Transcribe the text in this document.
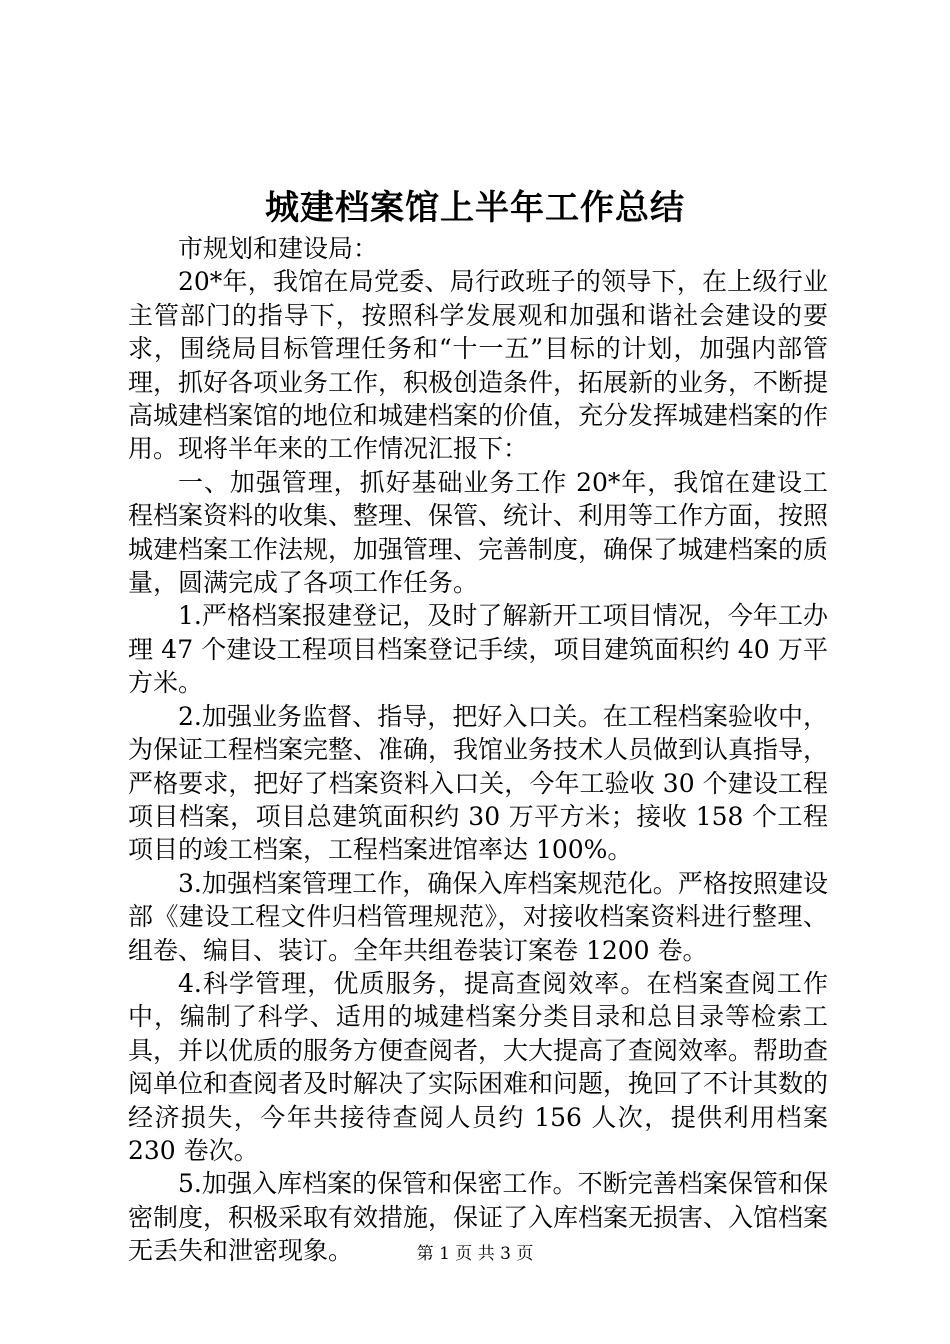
城建档案馆上半年工作总结

市规划和建设局：

20*年，我馆在局党委、局行政班子的领导下，在上级行业主管部门的指导下，按照科学发展观和加强和谐社会建设的要求，围绕局目标管理任务和“十一五”目标的计划，加强内部管理，抓好各项业务工作，积极创造条件，拓展新的业务，不断提高城建档案馆的地位和城建档案的价值，充分发挥城建档案的作用。现将半年来的工作情况汇报下：

一、加强管理，抓好基础业务工作 20*年，我馆在建设工程档案资料的收集、整理、保管、统计、利用等工作方面，按照城建档案工作法规，加强管理、完善制度，确保了城建档案的质量，圆满完成了各项工作任务。

1.严格档案报建登记，及时了解新开工项目情况，今年工办理 47 个建设工程项目档案登记手续，项目建筑面积约 40 万平方米。

2.加强业务监督、指导，把好入口关。在工程档案验收中，为保证工程档案完整、准确，我馆业务技术人员做到认真指导，严格要求，把好了档案资料入口关，今年工验收 30 个建设工程项目档案，项目总建筑面积约 30 万平方米；接收 158 个工程项目的竣工档案，工程档案进馆率达 100%。

3.加强档案管理工作，确保入库档案规范化。严格按照建设部《建设工程文件归档管理规范》，对接收档案资料进行整理、组卷、编目、装订。全年共组卷装订案卷 1200 卷。

4.科学管理，优质服务，提高查阅效率。在档案查阅工作中，编制了科学、适用的城建档案分类目录和总目录等检索工具，并以优质的服务方便查阅者，大大提高了查阅效率。帮助查阅单位和查阅者及时解决了实际困难和问题，挽回了不计其数的经济损失，今年共接待查阅人员约 156 人次，提供利用档案 230 卷次。

5.加强入库档案的保管和保密工作。不断完善档案保管和保密制度，积极采取有效措施，保证了入库档案无损害、入馆档案无丢失和泄密现象。	第 1 页 共 3 页
